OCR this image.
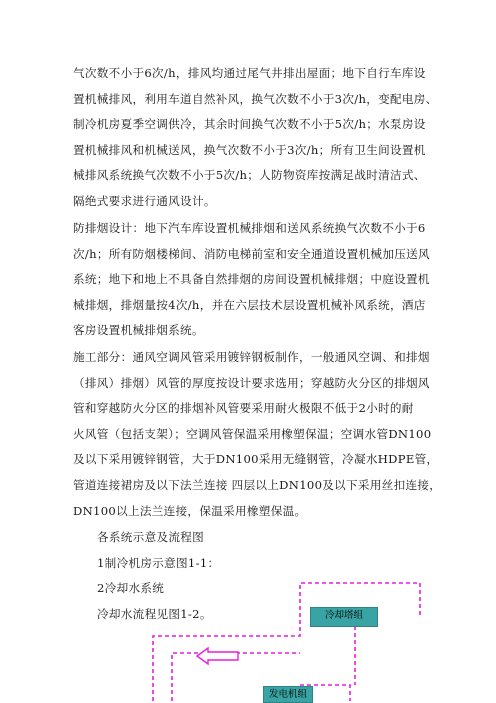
气次数不小于6次/h，排风均通过尾气井排出屋面；地下自行车库设
置机械排风，利用车道自然补风，换气次数不小于3次/h，变配电房、
制冷机房夏季空调供冷，其余时间换气次数不小于5次/h；水泵房设
置机械排风和机械送风，换气次数不小于3次/h；所有卫生间设置机
械排风系统换气次数不小于5次/h；人防物资库按满足战时清洁式、
隔绝式要求进行通风设计。

防排烟设计：地下汽车库设置机械排烟和送风系统换气次数不小于6
次/h；所有防烟楼梯间、消防电梯前室和安全通道设置机械加压送风
系统；地下和地上不具备自然排烟的房间设置机械排烟；中庭设置机
械排烟，排烟量按4次/h，并在六层技术层设置机械补风系统，酒店
客房设置机械排烟系统。

施工部分：通风空调风管采用镀锌钢板制作，一般通风空调、和排烟
（排风）排烟）风管的厚度按设计要求选用；穿越防火分区的排烟风
管和穿越防火分区的排烟补风管要采用耐火极限不低于2小时的耐
火风管（包括支架）；空调风管保温采用橡塑保温；空调水管DN100
及以下采用镀锌钢管，大于DN100采用无缝钢管，冷凝水HDPE管，
管道连接裙房及以下法兰连接 四层以上DN100及以下采用丝扣连接，
DN100以上法兰连接，保温采用橡塑保温。

各系统示意及流程图
1制冷机房示意图1-1：
2冷却水系统
冷却水流程见图1-2。	冷却塔组
发电机组
